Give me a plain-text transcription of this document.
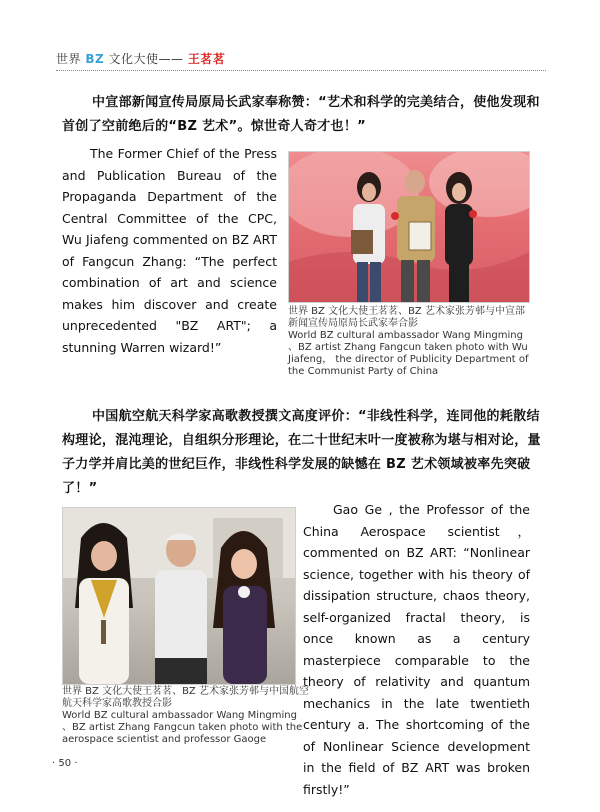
世界 BZ 文化大使—— 王茗茗
中宣部新闻宣传局原局长武家奉称赞：“艺术和科学的完美结合，使他发现和首创了空前绝后的“BZ 艺术”。惊世奇人奇才也！”
The Former Chief of the Press and Publication Bureau of the Propaganda Department of the Central Committee of the CPC, Wu Jiafeng commented on BZ ART of Fangcun Zhang: “The perfect combination of art and science makes him discover and create unprecedented "BZ ART"; a stunning Warren wizard!”
世界 BZ 文化大使王茗茗、BZ 艺术家张芳邨与中宣部新闻宣传局原局长武家奉合影
World BZ cultural ambassador Wang Mingming 、BZ artist Zhang Fangcun taken photo with Wu Jiafeng， the director of Publicity Department of the Communist Party of China
中国航空航天科学家高歌教授撰文高度评价：“非线性科学，连同他的耗散结构理论，混沌理论，自组织分形理论，在二十世纪末叶一度被称为堪与相对论，量子力学并肩比美的世纪巨作，非线性科学发展的缺憾在 BZ 艺术领域被率先突破了！”
Gao Ge , the Professor of the China Aerospace scientist， commented on BZ ART: “Nonlinear science, together with his theory of dissipation structure, chaos theory, self-organized fractal theory, is once known as a century masterpiece comparable to the theory of relativity and quantum mechanics in the late twentieth century a. The shortcoming of the of Nonlinear Science development in the field of BZ ART was broken firstly!”
世界 BZ 文化大使王茗茗、BZ 艺术家张芳邨与中国航空航天科学家高歌教授合影
World BZ cultural ambassador Wang Mingming 、BZ artist Zhang Fangcun taken photo with the aerospace scientist and professor Gaoge
· 50 ·
